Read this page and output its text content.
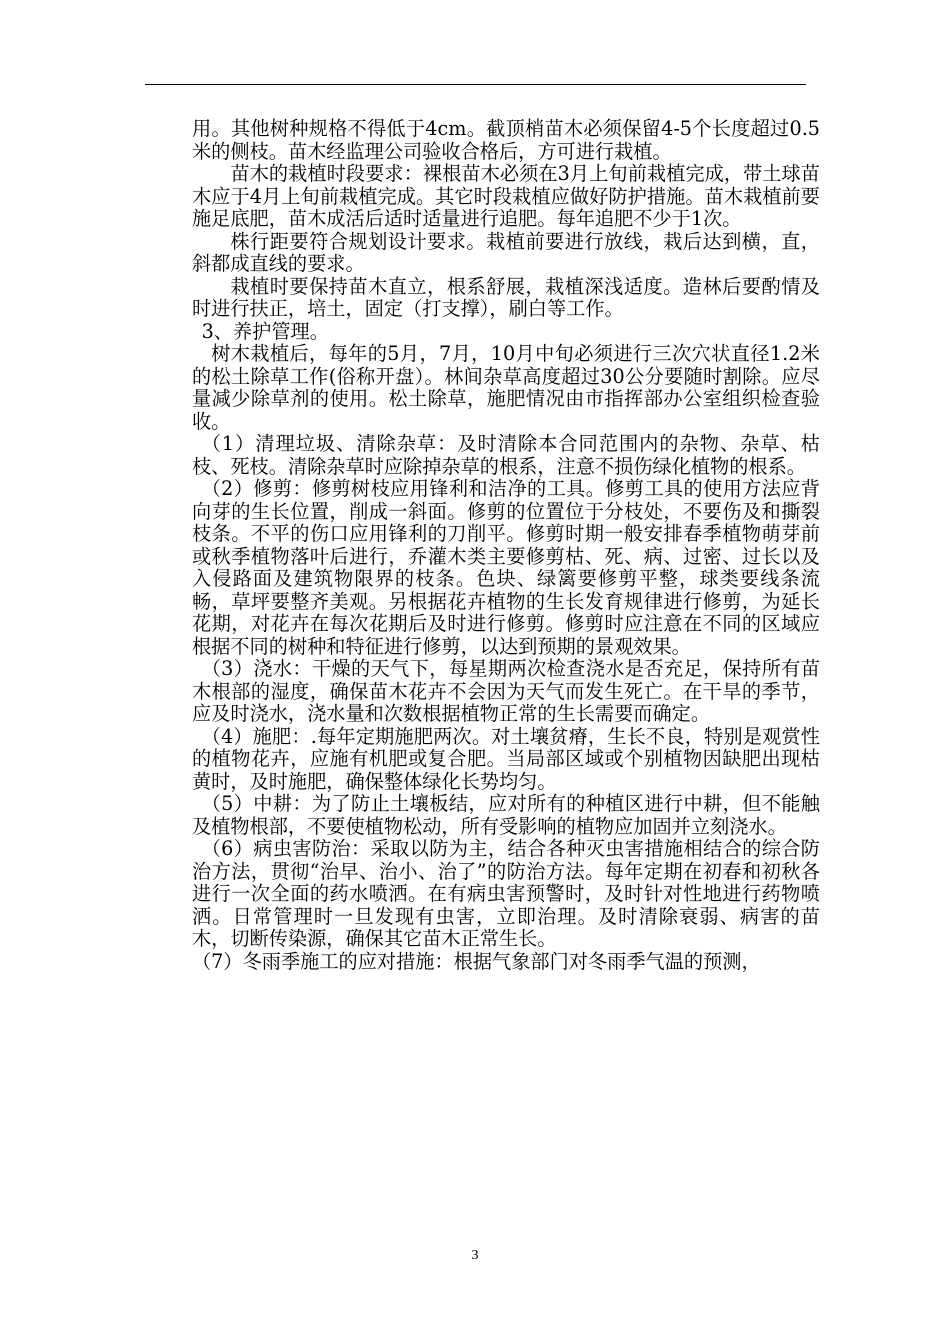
用。其他树种规格不得低于4cm。截顶梢苗木必须保留4-5个长度超过0.5米的侧枝。苗木经监理公司验收合格后，方可进行栽植。

苗木的栽植时段要求：裸根苗木必须在3月上旬前栽植完成，带土球苗木应于4月上旬前栽植完成。其它时段栽植应做好防护措施。苗木栽植前要施足底肥，苗木成活后适时适量进行追肥。每年追肥不少于1次。

株行距要符合规划设计要求。栽植前要进行放线，栽后达到横，直，斜都成直线的要求。

栽植时要保持苗木直立，根系舒展，栽植深浅适度。造林后要酌情及时进行扶正，培土，固定（打支撑），刷白等工作。

3、养护管理。

树木栽植后，每年的5月，7月，10月中旬必须进行三次穴状直径1.2米的松土除草工作(俗称开盘）。林间杂草高度超过30公分要随时割除。应尽量减少除草剂的使用。松土除草，施肥情况由市指挥部办公室组织检查验收。

（1）清理垃圾、清除杂草：及时清除本合同范围内的杂物、杂草、枯枝、死枝。清除杂草时应除掉杂草的根系，注意不损伤绿化植物的根系。

（2）修剪：修剪树枝应用锋利和洁净的工具。修剪工具的使用方法应背向芽的生长位置，削成一斜面。修剪的位置位于分枝处，不要伤及和撕裂枝条。不平的伤口应用锋利的刀削平。修剪时期一般安排春季植物萌芽前或秋季植物落叶后进行，乔灌木类主要修剪枯、死、病、过密、过长以及入侵路面及建筑物限界的枝条。色块、绿篱要修剪平整，球类要线条流畅，草坪要整齐美观。另根据花卉植物的生长发育规律进行修剪，为延长花期，对花卉在每次花期后及时进行修剪。修剪时应注意在不同的区域应根据不同的树种和特征进行修剪，以达到预期的景观效果。

（3）浇水：干燥的天气下，每星期两次检查浇水是否充足，保持所有苗木根部的湿度，确保苗木花卉不会因为天气而发生死亡。在干旱的季节，应及时浇水，浇水量和次数根据植物正常的生长需要而确定。

（4）施肥：.每年定期施肥两次。对土壤贫瘠，生长不良，特别是观赏性的植物花卉，应施有机肥或复合肥。当局部区域或个别植物因缺肥出现枯黄时，及时施肥，确保整体绿化长势均匀。

（5）中耕：为了防止土壤板结，应对所有的种植区进行中耕，但不能触及植物根部，不要使植物松动，所有受影响的植物应加固并立刻浇水。

（6）病虫害防治：采取以防为主，结合各种灭虫害措施相结合的综合防治方法，贯彻“治早、治小、治了”的防治方法。每年定期在初春和初秋各进行一次全面的药水喷洒。在有病虫害预警时，及时针对性地进行药物喷洒。日常管理时一旦发现有虫害，立即治理。及时清除衰弱、病害的苗木，切断传染源，确保其它苗木正常生长。

（7）冬雨季施工的应对措施：根据气象部门对冬雨季气温的预测，

3
